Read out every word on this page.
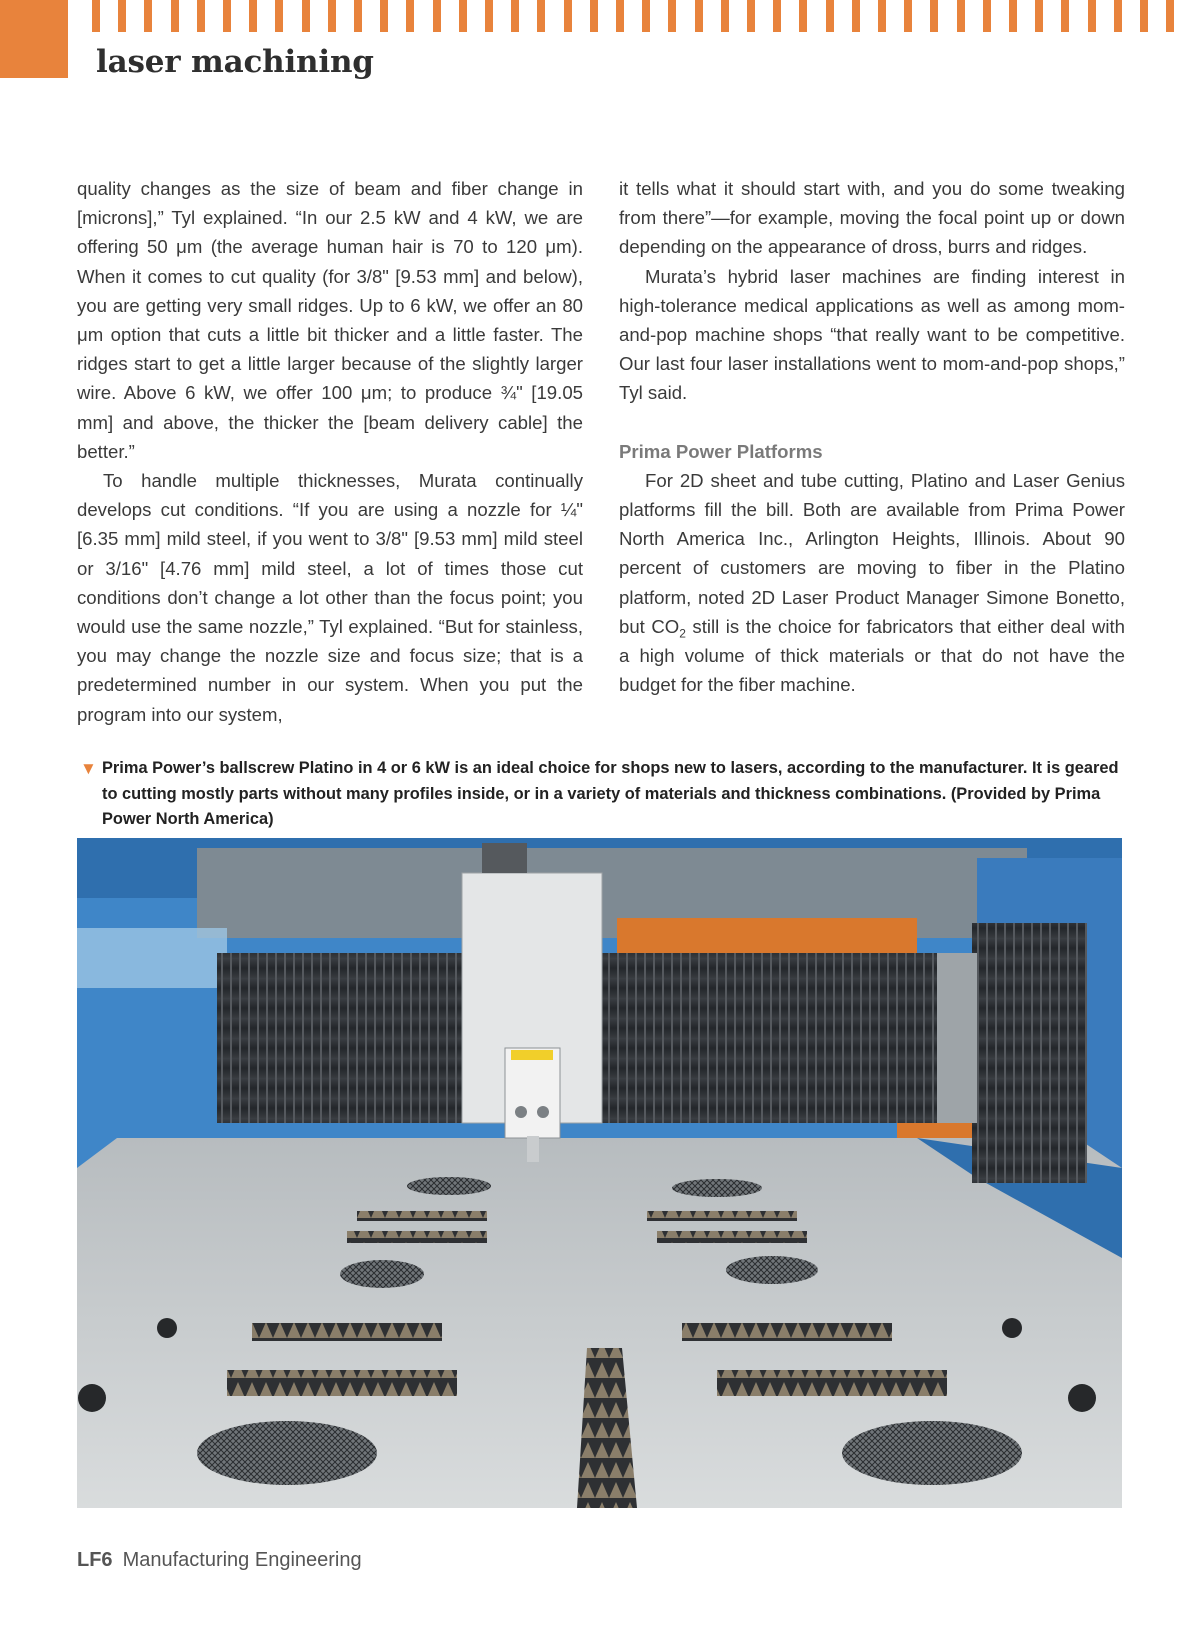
laser machining

quality changes as the size of beam and fiber change in [microns],” Tyl explained. “In our 2.5 kW and 4 kW, we are offering 50 μm (the average human hair is 70 to 120 μm). When it comes to cut quality (for 3/8" [9.53 mm] and below), you are getting very small ridges. Up to 6 kW, we offer an 80 μm option that cuts a little bit thicker and a little faster. The ridges start to get a little larger because of the slightly larger wire. Above 6 kW, we offer 100 μm; to produce ¾" [19.05 mm] and above, the thicker the [beam delivery cable] the better.”

To handle multiple thicknesses, Murata continually develops cut conditions. “If you are using a nozzle for ¼" [6.35 mm] mild steel, if you went to 3/8" [9.53 mm] mild steel or 3/16" [4.76 mm] mild steel, a lot of times those cut conditions don’t change a lot other than the focus point; you would use the same nozzle,” Tyl explained. “But for stainless, you may change the nozzle size and focus size; that is a predetermined number in our system. When you put the program into our system,

it tells what it should start with, and you do some tweaking from there”—for example, moving the focal point up or down depending on the appearance of dross, burrs and ridges.

Murata’s hybrid laser machines are finding interest in high-tolerance medical applications as well as among mom-and-pop machine shops “that really want to be competitive. Our last four laser installations went to mom-and-pop shops,” Tyl said.

Prima Power Platforms

For 2D sheet and tube cutting, Platino and Laser Genius platforms fill the bill. Both are available from Prima Power North America Inc., Arlington Heights, Illinois. About 90 percent of customers are moving to fiber in the Platino platform, noted 2D Laser Product Manager Simone Bonetto, but $CO_2$ still is the choice for fabricators that either deal with a high volume of thick materials or that do not have the budget for the fiber machine.

▼ Prima Power’s ballscrew Platino in 4 or 6 kW is an ideal choice for shops new to lasers, according to the manufacturer. It is geared to cutting mostly parts without many profiles inside, or in a variety of materials and thickness combinations. (Provided by Prima Power North America)
LF6 Manufacturing Engineering
